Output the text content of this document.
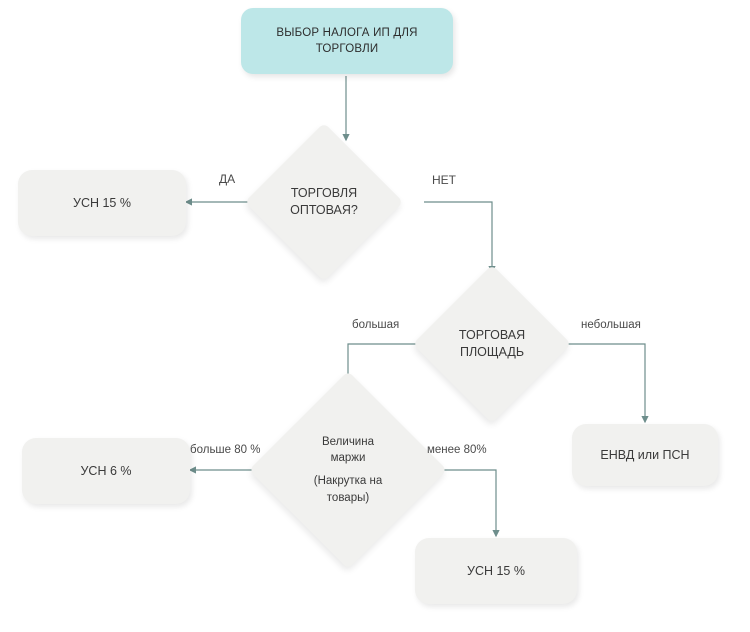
ВЫБОР НАЛОГА ИП ДЛЯ ТОРГОВЛИ
УСН 15 %
ТОРГОВЛЯ ОПТОВАЯ?
ТОРГОВАЯ ПЛОЩАДЬ
Величина
маржи
(Накрутка на товары)
ЕНВД или ПСН
УСН 6 %
УСН 15 %
ДА	НЕТ
большая	небольшая
больше 80 %	менее 80%
